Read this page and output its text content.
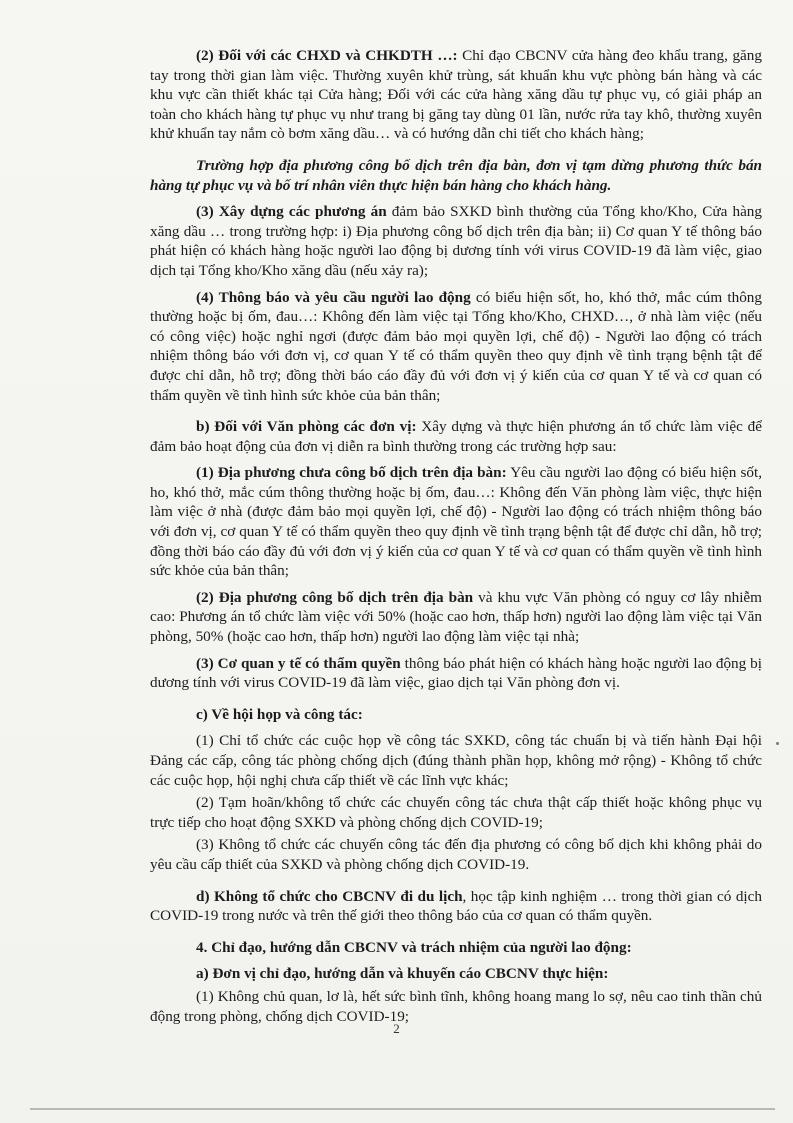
(2) Đối với các CHXD và CHKDTH …: Chỉ đạo CBCNV cửa hàng đeo khẩu trang, găng tay trong thời gian làm việc. Thường xuyên khử trùng, sát khuẩn khu vực phòng bán hàng và các khu vực cần thiết khác tại Cửa hàng; Đối với các cửa hàng xăng dầu tự phục vụ, có giải pháp an toàn cho khách hàng tự phục vụ như trang bị găng tay dùng 01 lần, nước rửa tay khô, thường xuyên khử khuẩn tay nắm cò bơm xăng dầu… và có hướng dẫn chi tiết cho khách hàng;

Trường hợp địa phương công bố dịch trên địa bàn, đơn vị tạm dừng phương thức bán hàng tự phục vụ và bố trí nhân viên thực hiện bán hàng cho khách hàng.

(3) Xây dựng các phương án đảm bảo SXKD bình thường của Tổng kho/Kho, Cửa hàng xăng dầu … trong trường hợp: i) Địa phương công bố dịch trên địa bàn; ii) Cơ quan Y tế thông báo phát hiện có khách hàng hoặc người lao động bị dương tính với virus COVID-19 đã làm việc, giao dịch tại Tổng kho/Kho xăng dầu (nếu xảy ra);

(4) Thông báo và yêu cầu người lao động có biểu hiện sốt, ho, khó thở, mắc cúm thông thường hoặc bị ốm, đau…: Không đến làm việc tại Tổng kho/Kho, CHXD…, ở nhà làm việc (nếu có công việc) hoặc nghỉ ngơi (được đảm bảo mọi quyền lợi, chế độ) - Người lao động có trách nhiệm thông báo với đơn vị, cơ quan Y tế có thẩm quyền theo quy định về tình trạng bệnh tật để được chỉ dẫn, hỗ trợ; đồng thời báo cáo đầy đủ với đơn vị ý kiến của cơ quan Y tế và cơ quan có thẩm quyền về tình hình sức khỏe của bản thân;

b) Đối với Văn phòng các đơn vị: Xây dựng và thực hiện phương án tổ chức làm việc để đảm bảo hoạt động của đơn vị diễn ra bình thường trong các trường hợp sau:

(1) Địa phương chưa công bố dịch trên địa bàn: Yêu cầu người lao động có biểu hiện sốt, ho, khó thở, mắc cúm thông thường hoặc bị ốm, đau…: Không đến Văn phòng làm việc, thực hiện làm việc ở nhà (được đảm bảo mọi quyền lợi, chế độ) - Người lao động có trách nhiệm thông báo với đơn vị, cơ quan Y tế có thẩm quyền theo quy định về tình trạng bệnh tật để được chỉ dẫn, hỗ trợ; đồng thời báo cáo đầy đủ với đơn vị ý kiến của cơ quan Y tế và cơ quan có thẩm quyền về tình hình sức khỏe của bản thân;

(2) Địa phương công bố dịch trên địa bàn và khu vực Văn phòng có nguy cơ lây nhiễm cao: Phương án tổ chức làm việc với 50% (hoặc cao hơn, thấp hơn) người lao động làm việc tại Văn phòng, 50% (hoặc cao hơn, thấp hơn) người lao động làm việc tại nhà;

(3) Cơ quan y tế có thẩm quyền thông báo phát hiện có khách hàng hoặc người lao động bị dương tính với virus COVID-19 đã làm việc, giao dịch tại Văn phòng đơn vị.

c) Về hội họp và công tác:

(1) Chỉ tổ chức các cuộc họp về công tác SXKD, công tác chuẩn bị và tiến hành Đại hội Đảng các cấp, công tác phòng chống dịch (đúng thành phần họp, không mở rộng) - Không tổ chức các cuộc họp, hội nghị chưa cấp thiết về các lĩnh vực khác;

(2) Tạm hoãn/không tổ chức các chuyến công tác chưa thật cấp thiết hoặc không phục vụ trực tiếp cho hoạt động SXKD và phòng chống dịch COVID-19;

(3) Không tổ chức các chuyến công tác đến địa phương có công bố dịch khi không phải do yêu cầu cấp thiết của SXKD và phòng chống dịch COVID-19.

d) Không tổ chức cho CBCNV đi du lịch, học tập kinh nghiệm … trong thời gian có dịch COVID-19 trong nước và trên thế giới theo thông báo của cơ quan có thẩm quyền.

4. Chỉ đạo, hướng dẫn CBCNV và trách nhiệm của người lao động:

a) Đơn vị chỉ đạo, hướng dẫn và khuyến cáo CBCNV thực hiện:

(1) Không chủ quan, lơ là, hết sức bình tĩnh, không hoang mang lo sợ, nêu cao tinh thần chủ động trong phòng, chống dịch COVID-19;

2
